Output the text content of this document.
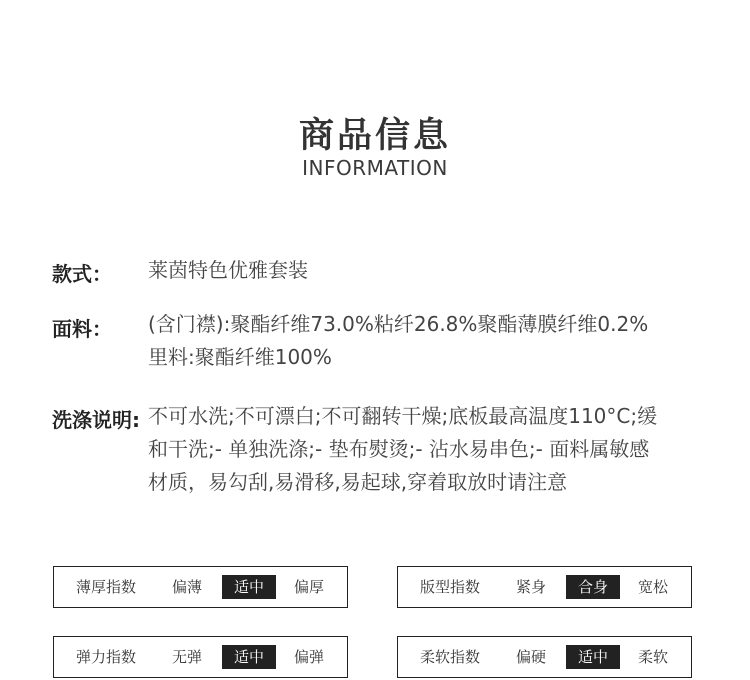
商品信息
INFORMATION
款式： 莱茵特色优雅套装
面料： (含门襟):聚酯纤维73.0%粘纤26.8%聚酯薄膜纤维0.2%
里料:聚酯纤维100%
洗涤说明: 不可水洗;不可漂白;不可翻转干燥;底板最高温度110°C;缓
和干洗;- 单独洗涤;- 垫布熨烫;- 沾水易串色;- 面料属敏感
材质，易勾刮,易滑移,易起球,穿着取放时请注意
薄厚指数	偏薄	适中	偏厚	版型指数	紧身	合身	宽松
弹力指数	无弹	适中	偏弹	柔软指数	偏硬	适中	柔软
